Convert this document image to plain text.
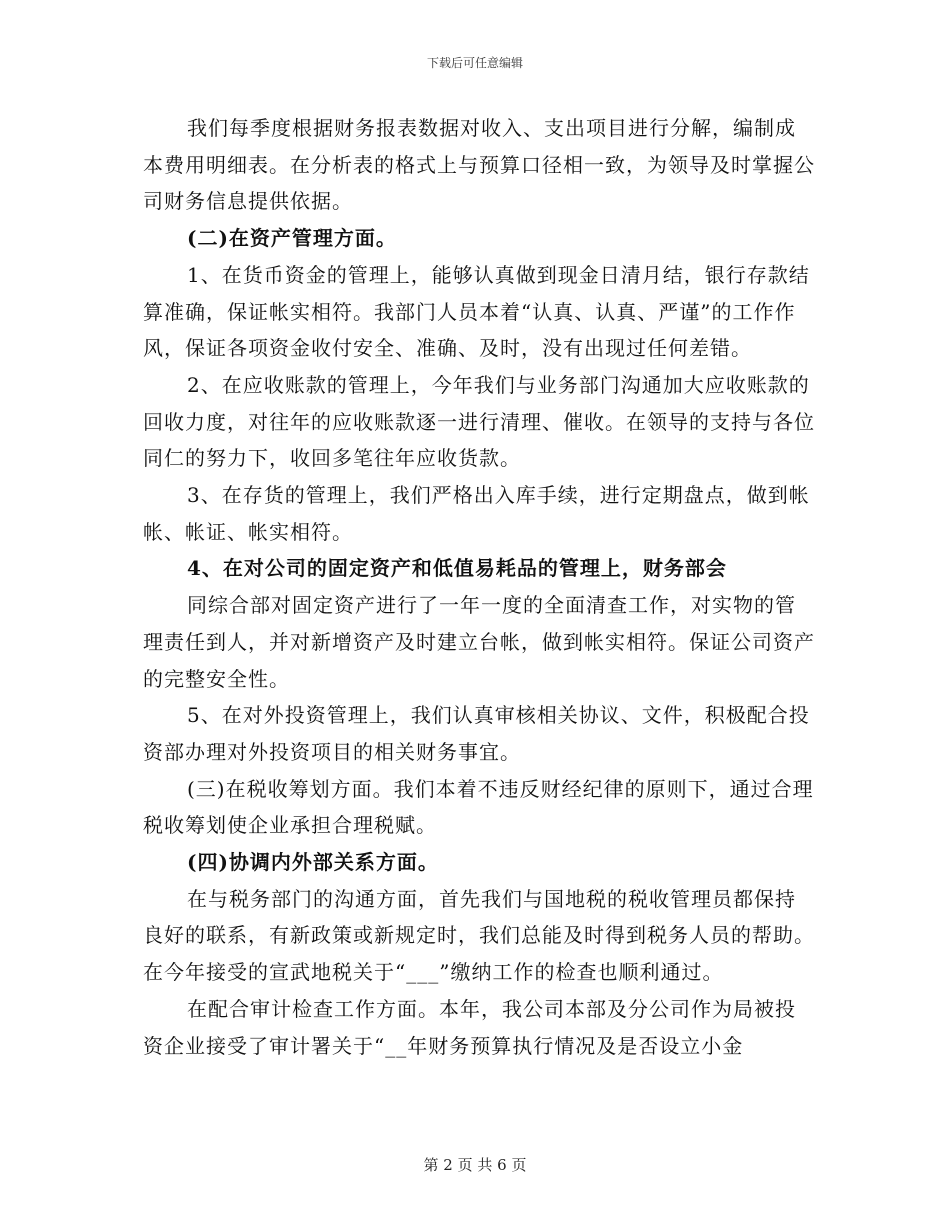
下载后可任意编辑

我们每季度根据财务报表数据对收入、支出项目进行分解，编制成本费用明细表。在分析表的格式上与预算口径相一致，为领导及时掌握公司财务信息提供依据。

(二)在资产管理方面。

1、在货币资金的管理上，能够认真做到现金日清月结，银行存款结算准确，保证帐实相符。我部门人员本着“认真、认真、严谨”的工作作风，保证各项资金收付安全、准确、及时，没有出现过任何差错。

2、在应收账款的管理上，今年我们与业务部门沟通加大应收账款的回收力度，对往年的应收账款逐一进行清理、催收。在领导的支持与各位同仁的努力下，收回多笔往年应收货款。

3、在存货的管理上，我们严格出入库手续，进行定期盘点，做到帐帐、帐证、帐实相符。

4、在对公司的固定资产和低值易耗品的管理上，财务部会

同综合部对固定资产进行了一年一度的全面清查工作，对实物的管理责任到人，并对新增资产及时建立台帐，做到帐实相符。保证公司资产的完整安全性。

5、在对外投资管理上，我们认真审核相关协议、文件，积极配合投资部办理对外投资项目的相关财务事宜。

(三)在税收筹划方面。我们本着不违反财经纪律的原则下，通过合理税收筹划使企业承担合理税赋。

(四)协调内外部关系方面。

在与税务部门的沟通方面，首先我们与国地税的税收管理员都保持良好的联系，有新政策或新规定时，我们总能及时得到税务人员的帮助。在今年接受的宣武地税关于“___”缴纳工作的检查也顺利通过。

在配合审计检查工作方面。本年，我公司本部及分公司作为局被投资企业接受了审计署关于“__年财务预算执行情况及是否设立小金

第 2 页 共 6 页
